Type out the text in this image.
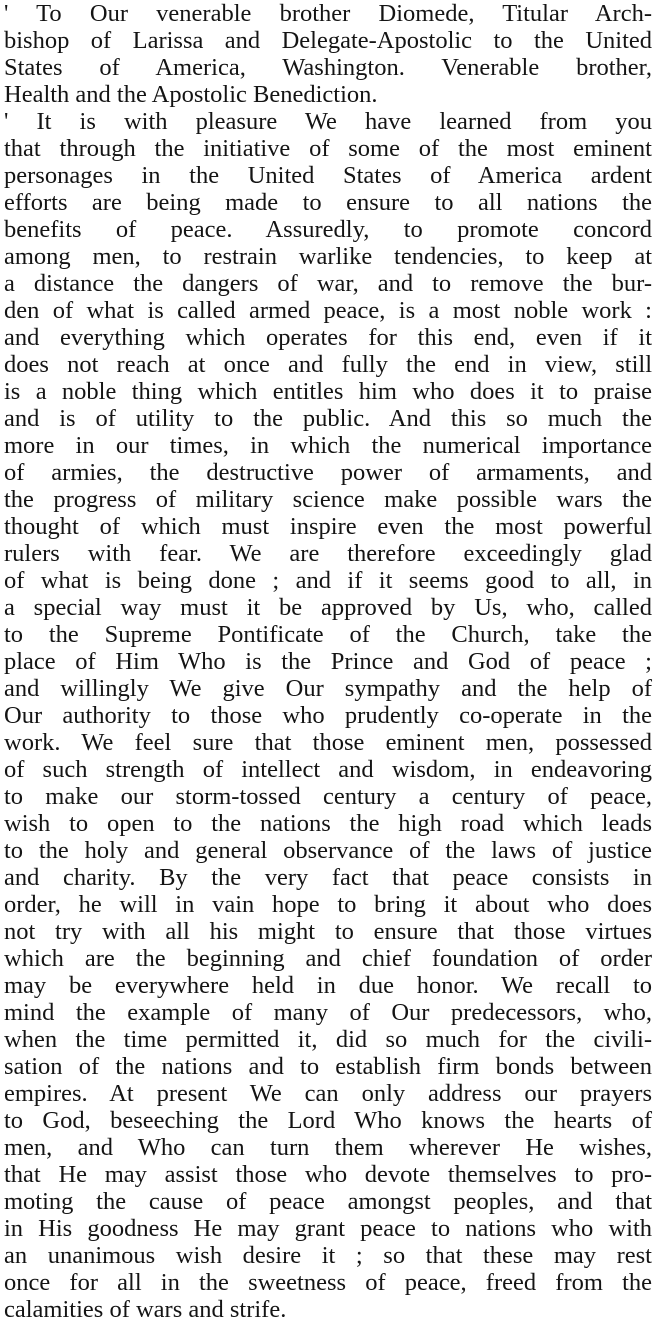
' To Our venerable brother Diomede, Titular Arch-
bishop of Larissa and Delegate-Apostolic to the United
States of America, Washington. Venerable brother,
Health and the Apostolic Benediction.
' It is with pleasure We have learned from you
that through the initiative of some of the most eminent
personages in the United States of America ardent
efforts are being made to ensure to all nations the
benefits of peace. Assuredly, to promote concord
among men, to restrain warlike tendencies, to keep at
a distance the dangers of war, and to remove the bur-
den of what is called armed peace, is a most noble work :
and everything which operates for this end, even if it
does not reach at once and fully the end in view, still
is a noble thing which entitles him who does it to praise
and is of utility to the public. And this so much the
more in our times, in which the numerical importance
of armies, the destructive power of armaments, and
the progress of military science make possible wars the
thought of which must inspire even the most powerful
rulers with fear. We are therefore exceedingly glad
of what is being done ; and if it seems good to all, in
a special way must it be approved by Us, who, called
to the Supreme Pontificate of the Church, take the
place of Him Who is the Prince and God of peace ;
and willingly We give Our sympathy and the help of
Our authority to those who prudently co-operate in the
work. We feel sure that those eminent men, possessed
of such strength of intellect and wisdom, in endeavoring
to make our storm-tossed century a century of peace,
wish to open to the nations the high road which leads
to the holy and general observance of the laws of justice
and charity. By the very fact that peace consists in
order, he will in vain hope to bring it about who does
not try with all his might to ensure that those virtues
which are the beginning and chief foundation of order
may be everywhere held in due honor. We recall to
mind the example of many of Our predecessors, who,
when the time permitted it, did so much for the civili-
sation of the nations and to establish firm bonds between
empires. At present We can only address our prayers
to God, beseeching the Lord Who knows the hearts of
men, and Who can turn them wherever He wishes,
that He may assist those who devote themselves to pro-
moting the cause of peace amongst peoples, and that
in His goodness He may grant peace to nations who with
an unanimous wish desire it ; so that these may rest
once for all in the sweetness of peace, freed from the
calamities of wars and strife.
